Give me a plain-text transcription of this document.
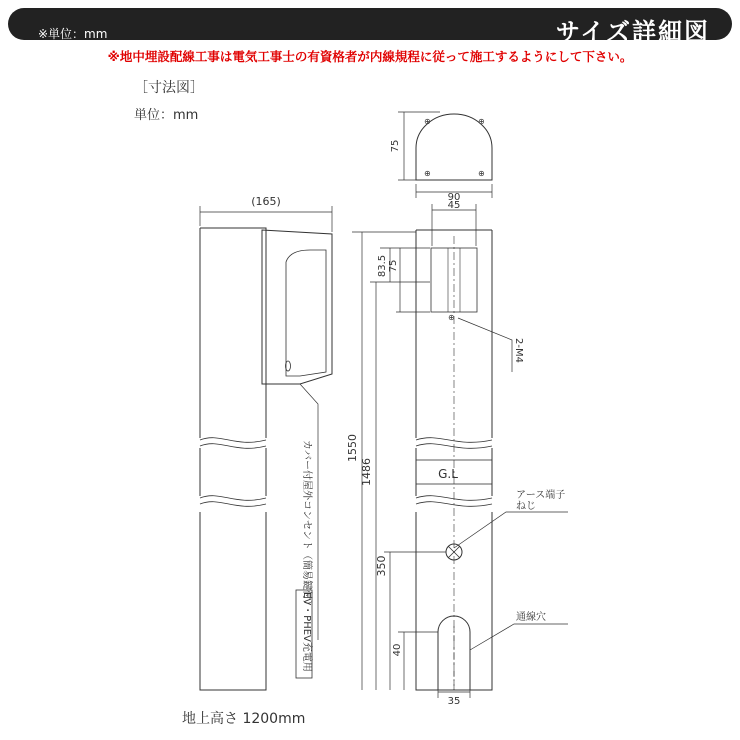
※単位：mm	サイズ詳細図
※地中埋設配線工事は電気工事士の有資格者が内線規程に従って施工するようにして下さい。
［寸法図］
単位：mm
(165)
EV・PHEV充電用
カバー付屋外コンセント（簡易鍵付）
⊕	⊕
⊕	⊕
75
90
⊕
45
83.5 75
2-M4
1550
1486	G.L
アース端子
ねじ
350
通線穴
40
35
地上高さ 1200mm
